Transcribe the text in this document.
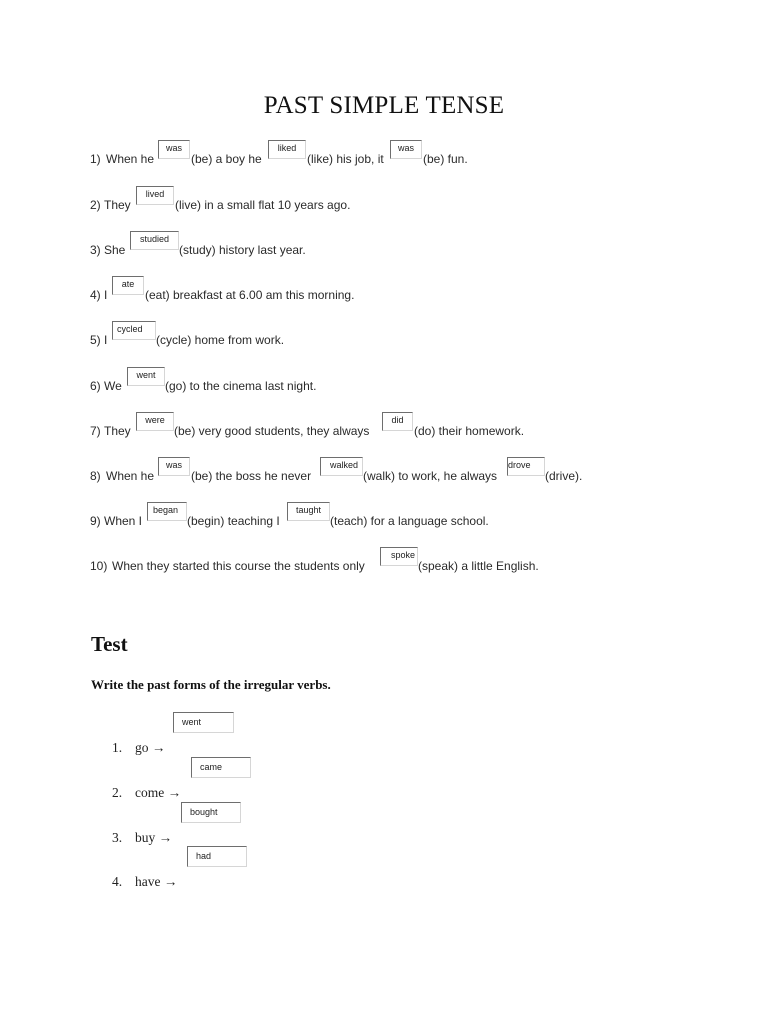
PAST SIMPLE TENSE
1) When he
was
(be) a boy he
liked
(like) his job, it
was
(be) fun.
2) They
lived
(live) in a small flat 10 years ago.
3) She
studied
(study) history last year.
4) I
ate
(eat) breakfast at 6.00 am this morning.
5) I
cycled
(cycle) home from work.
6) We
went
(go) to the cinema last night.
7) They
were
(be) very good students, they always
did
(do) their homework.
8) When he
was
(be) the boss he never
walked
(walk) to work, he always
drove
(drive).
9) When I
began
(begin) teaching I
taught
(teach) for a language school.
10) When they started this course the students only
spoke
(speak) a little English.
Test
Write the past forms of the irregular verbs.
went
1. go →
came
2. come →
bought
3. buy →
had
4. have →
